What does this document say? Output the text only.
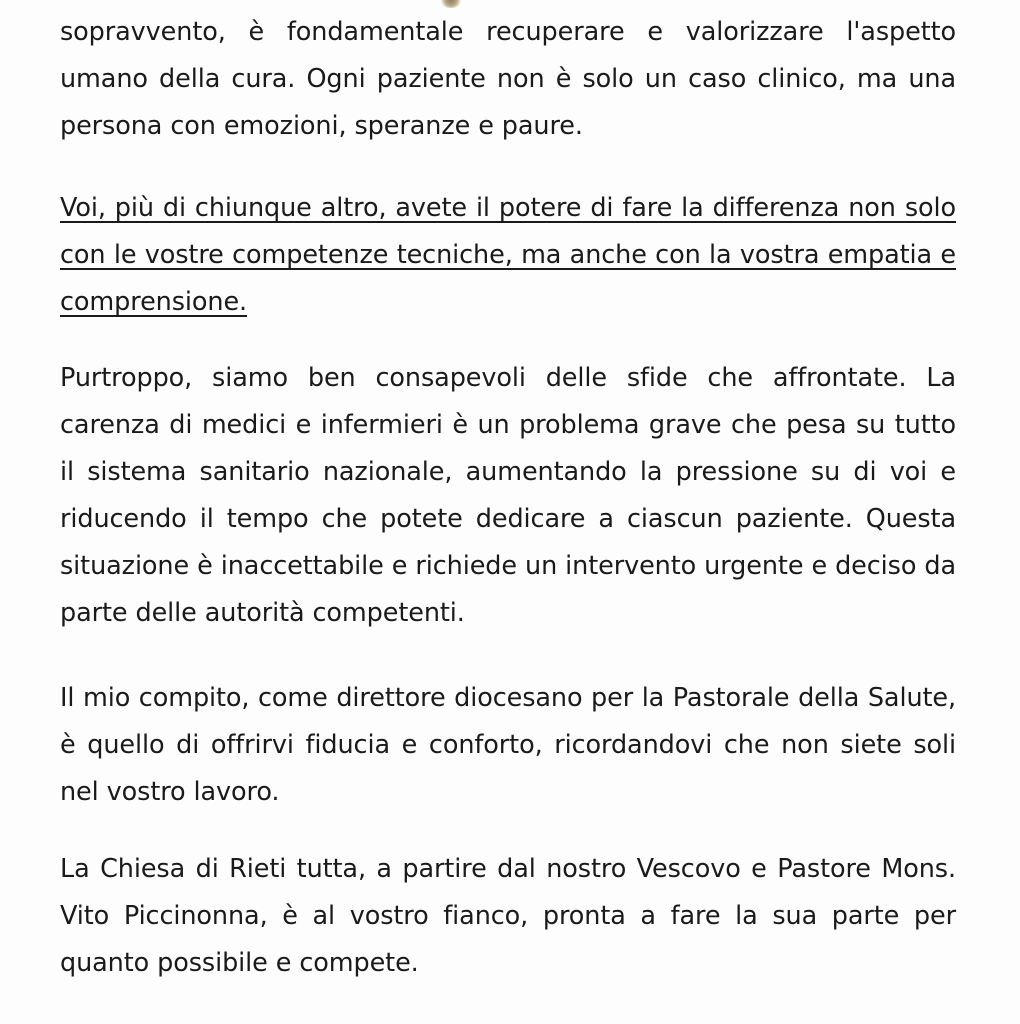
sopravvento, è fondamentale recuperare e valorizzare l'aspetto umano della cura. Ogni paziente non è solo un caso clinico, ma una persona con emozioni, speranze e paure.

Voi, più di chiunque altro, avete il potere di fare la differenza non solo con le vostre competenze tecniche, ma anche con la vostra empatia e comprensione.

Purtroppo, siamo ben consapevoli delle sfide che affrontate. La carenza di medici e infermieri è un problema grave che pesa su tutto il sistema sanitario nazionale, aumentando la pressione su di voi e riducendo il tempo che potete dedicare a ciascun paziente. Questa situazione è inaccettabile e richiede un intervento urgente e deciso da parte delle autorità competenti.

Il mio compito, come direttore diocesano per la Pastorale della Salute, è quello di offrirvi fiducia e conforto, ricordandovi che non siete soli nel vostro lavoro.

La Chiesa di Rieti tutta, a partire dal nostro Vescovo e Pastore Mons. Vito Piccinonna, è al vostro fianco, pronta a fare la sua parte per quanto possibile e compete.
